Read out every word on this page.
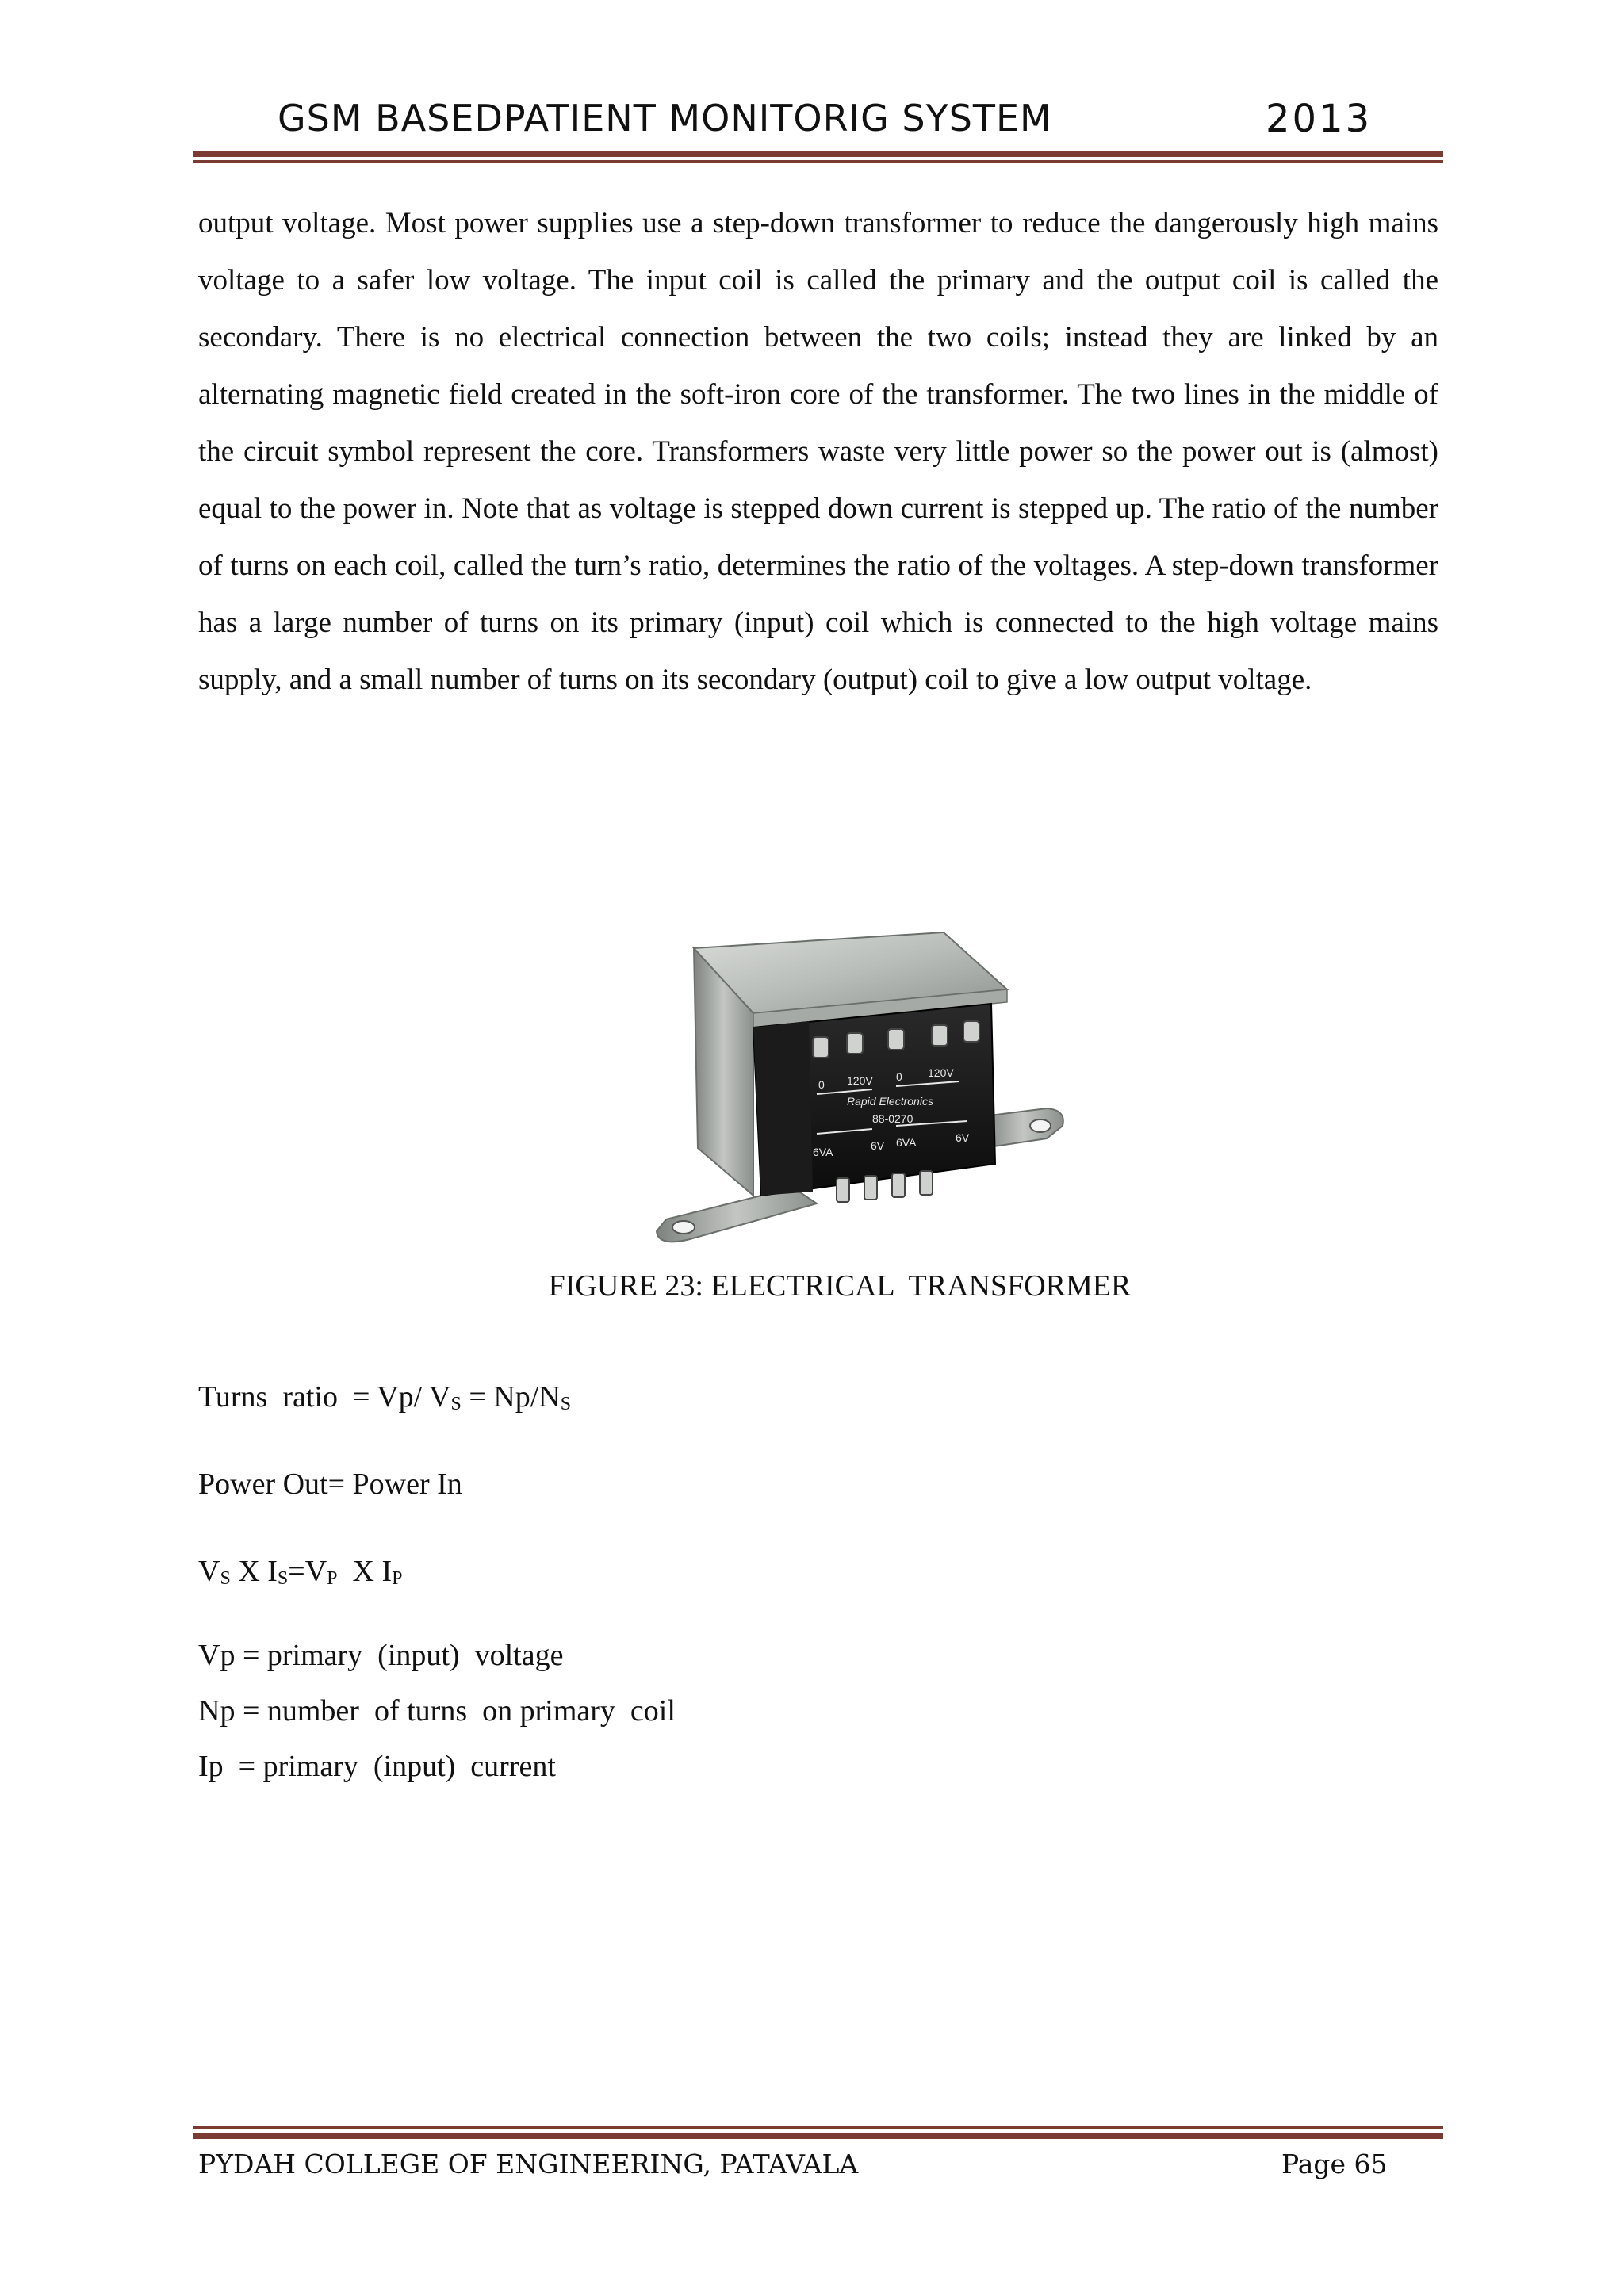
GSM BASEDPATIENT MONITORIG SYSTEM	2013

output voltage. Most power supplies use a step-down transformer to reduce the dangerously high mains voltage to a safer low voltage. The input coil is called the primary and the output coil is called the secondary. There is no electrical connection between the two coils; instead they are linked by an alternating magnetic field created in the soft-iron core of the transformer. The two lines in the middle of the circuit symbol represent the core. Transformers waste very little power so the power out is (almost) equal to the power in. Note that as voltage is stepped down current is stepped up. The ratio of the number of turns on each coil, called the turn’s ratio, determines the ratio of the voltages. A step-down transformer has a large number of turns on its primary (input) coil which is connected to the high voltage mains supply, and a small number of turns on its secondary (output) coil to give a low output voltage.

0 120V 0 120V
Rapid Electronics
88-0270
6VA	6V 6VA	6V
FIGURE 23: ELECTRICAL  TRANSFORMER
Turns  ratio  = Vp/ $V_S = Np/N_S$
Power Out= Power In
$V_S$ X $I_S=V_P$  X $I_P$
Vp = primary  (input)  voltage
Np = number  of turns  on primary  coil
Ip  = primary  (input)  current
PYDAH COLLEGE OF ENGINEERING, PATAVALA	Page 65
